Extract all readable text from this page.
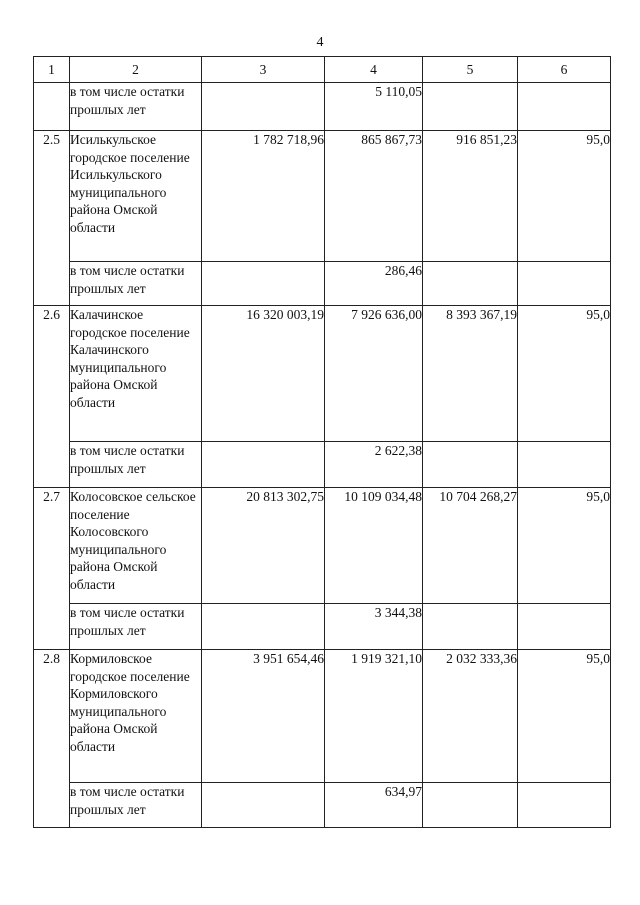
4
1	2	3	4	5	6
	в том числе остатки прошлых лет		5 110,05		
2.5	Исилькульское городское поселение Исилькульского муниципального района Омской области	1 782 718,96	865 867,73	916 851,23	95,0
	в том числе остатки прошлых лет		286,46		
2.6	Калачинское городское поселение Калачинского муниципального района Омской области	16 320 003,19	7 926 636,00	8 393 367,19	95,0
	в том числе остатки прошлых лет		2 622,38		
2.7	Колосовское сельское поселение Колосовского муниципального района Омской области	20 813 302,75	10 109 034,48	10 704 268,27	95,0
	в том числе остатки прошлых лет		3 344,38		
2.8	Кормиловское городское поселение Кормиловского муниципального района Омской области	3 951 654,46	1 919 321,10	2 032 333,36	95,0
	в том числе остатки прошлых лет		634,97		
